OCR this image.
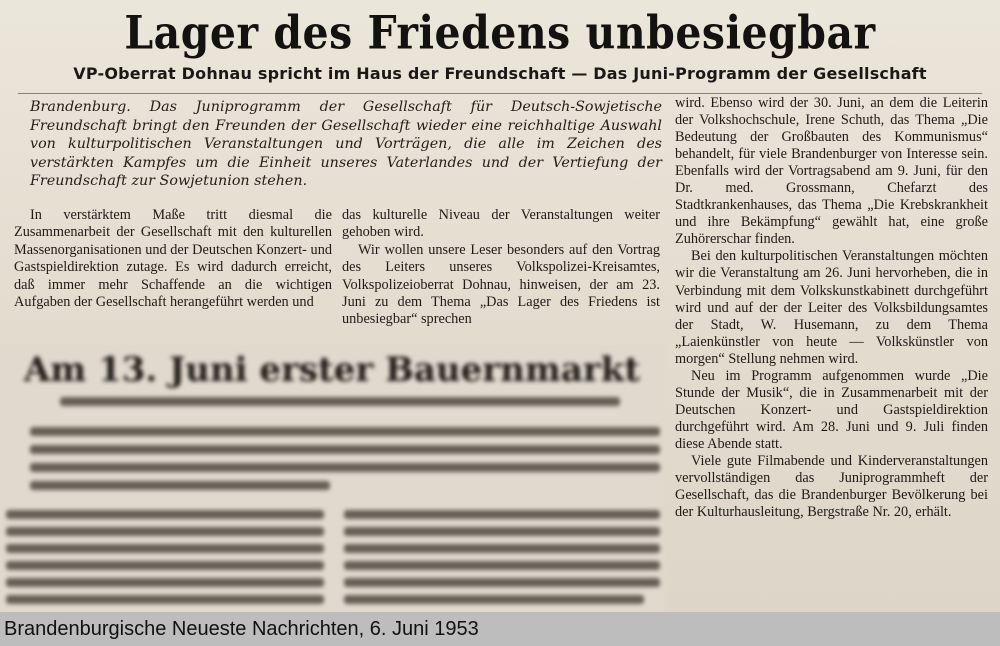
Lager des Friedens unbesiegbar
VP-Oberrat Dohnau spricht im Haus der Freundschaft — Das Juni-Programm der Gesellschaft
Brandenburg. Das Juniprogramm der Gesellschaft für Deutsch-Sowjetische Freundschaft bringt den Freunden der Gesellschaft wieder eine reichhaltige Auswahl von kulturpolitischen Veranstaltungen und Vorträgen, die alle im Zeichen des verstärkten Kampfes um die Einheit unseres Vaterlandes und der Vertiefung der Freundschaft zur Sowjetunion stehen.

In verstärktem Maße tritt diesmal die Zusammenarbeit der Gesellschaft mit den kulturellen Massenorganisationen und der Deutschen Konzert- und Gastspieldirektion zutage. Es wird dadurch erreicht, daß immer mehr Schaffende an die wichtigen Aufgaben der Gesellschaft herangeführt werden und

das kulturelle Niveau der Veranstaltungen weiter gehoben wird.

Wir wollen unsere Leser besonders auf den Vortrag des Leiters unseres Volkspolizei-Kreisamtes, Volkspolizeioberrat Dohnau, hinweisen, der am 23. Juni zu dem Thema „Das Lager des Friedens ist unbesiegbar“ sprechen

wird. Ebenso wird der 30. Juni, an dem die Leiterin der Volkshochschule, Irene Schuth, das Thema „Die Bedeutung der Großbauten des Kommunismus“ behandelt, für viele Brandenburger von Interesse sein. Ebenfalls wird der Vortragsabend am 9. Juni, für den Dr. med. Grossmann, Chefarzt des Stadtkrankenhauses, das Thema „Die Krebskrankheit und ihre Bekämpfung“ gewählt hat, eine große Zuhörerschar finden.

Bei den kulturpolitischen Veranstaltungen möchten wir die Veranstaltung am 26. Juni hervorheben, die in Verbindung mit dem Volkskunstkabinett durchgeführt wird und auf der der Leiter des Volksbildungsamtes der Stadt, W. Husemann, zu dem Thema „Laienkünstler von heute — Volkskünstler von morgen“ Stellung nehmen wird.

Neu im Programm aufgenommen wurde „Die Stunde der Musik“, die in Zusammenarbeit mit der Deutschen Konzert- und Gastspieldirektion durchgeführt wird. Am 28. Juni und 9. Juli finden diese Abende statt.

Viele gute Filmabende und Kinderveranstaltungen vervollständigen das Juniprogrammheft der Gesellschaft, das die Brandenburger Bevölkerung bei der Kulturhausleitung, Bergstraße Nr. 20, erhält.

Am 13. Juni erster Bauernmarkt

Brandenburgische Neueste Nachrichten, 6. Juni 1953
